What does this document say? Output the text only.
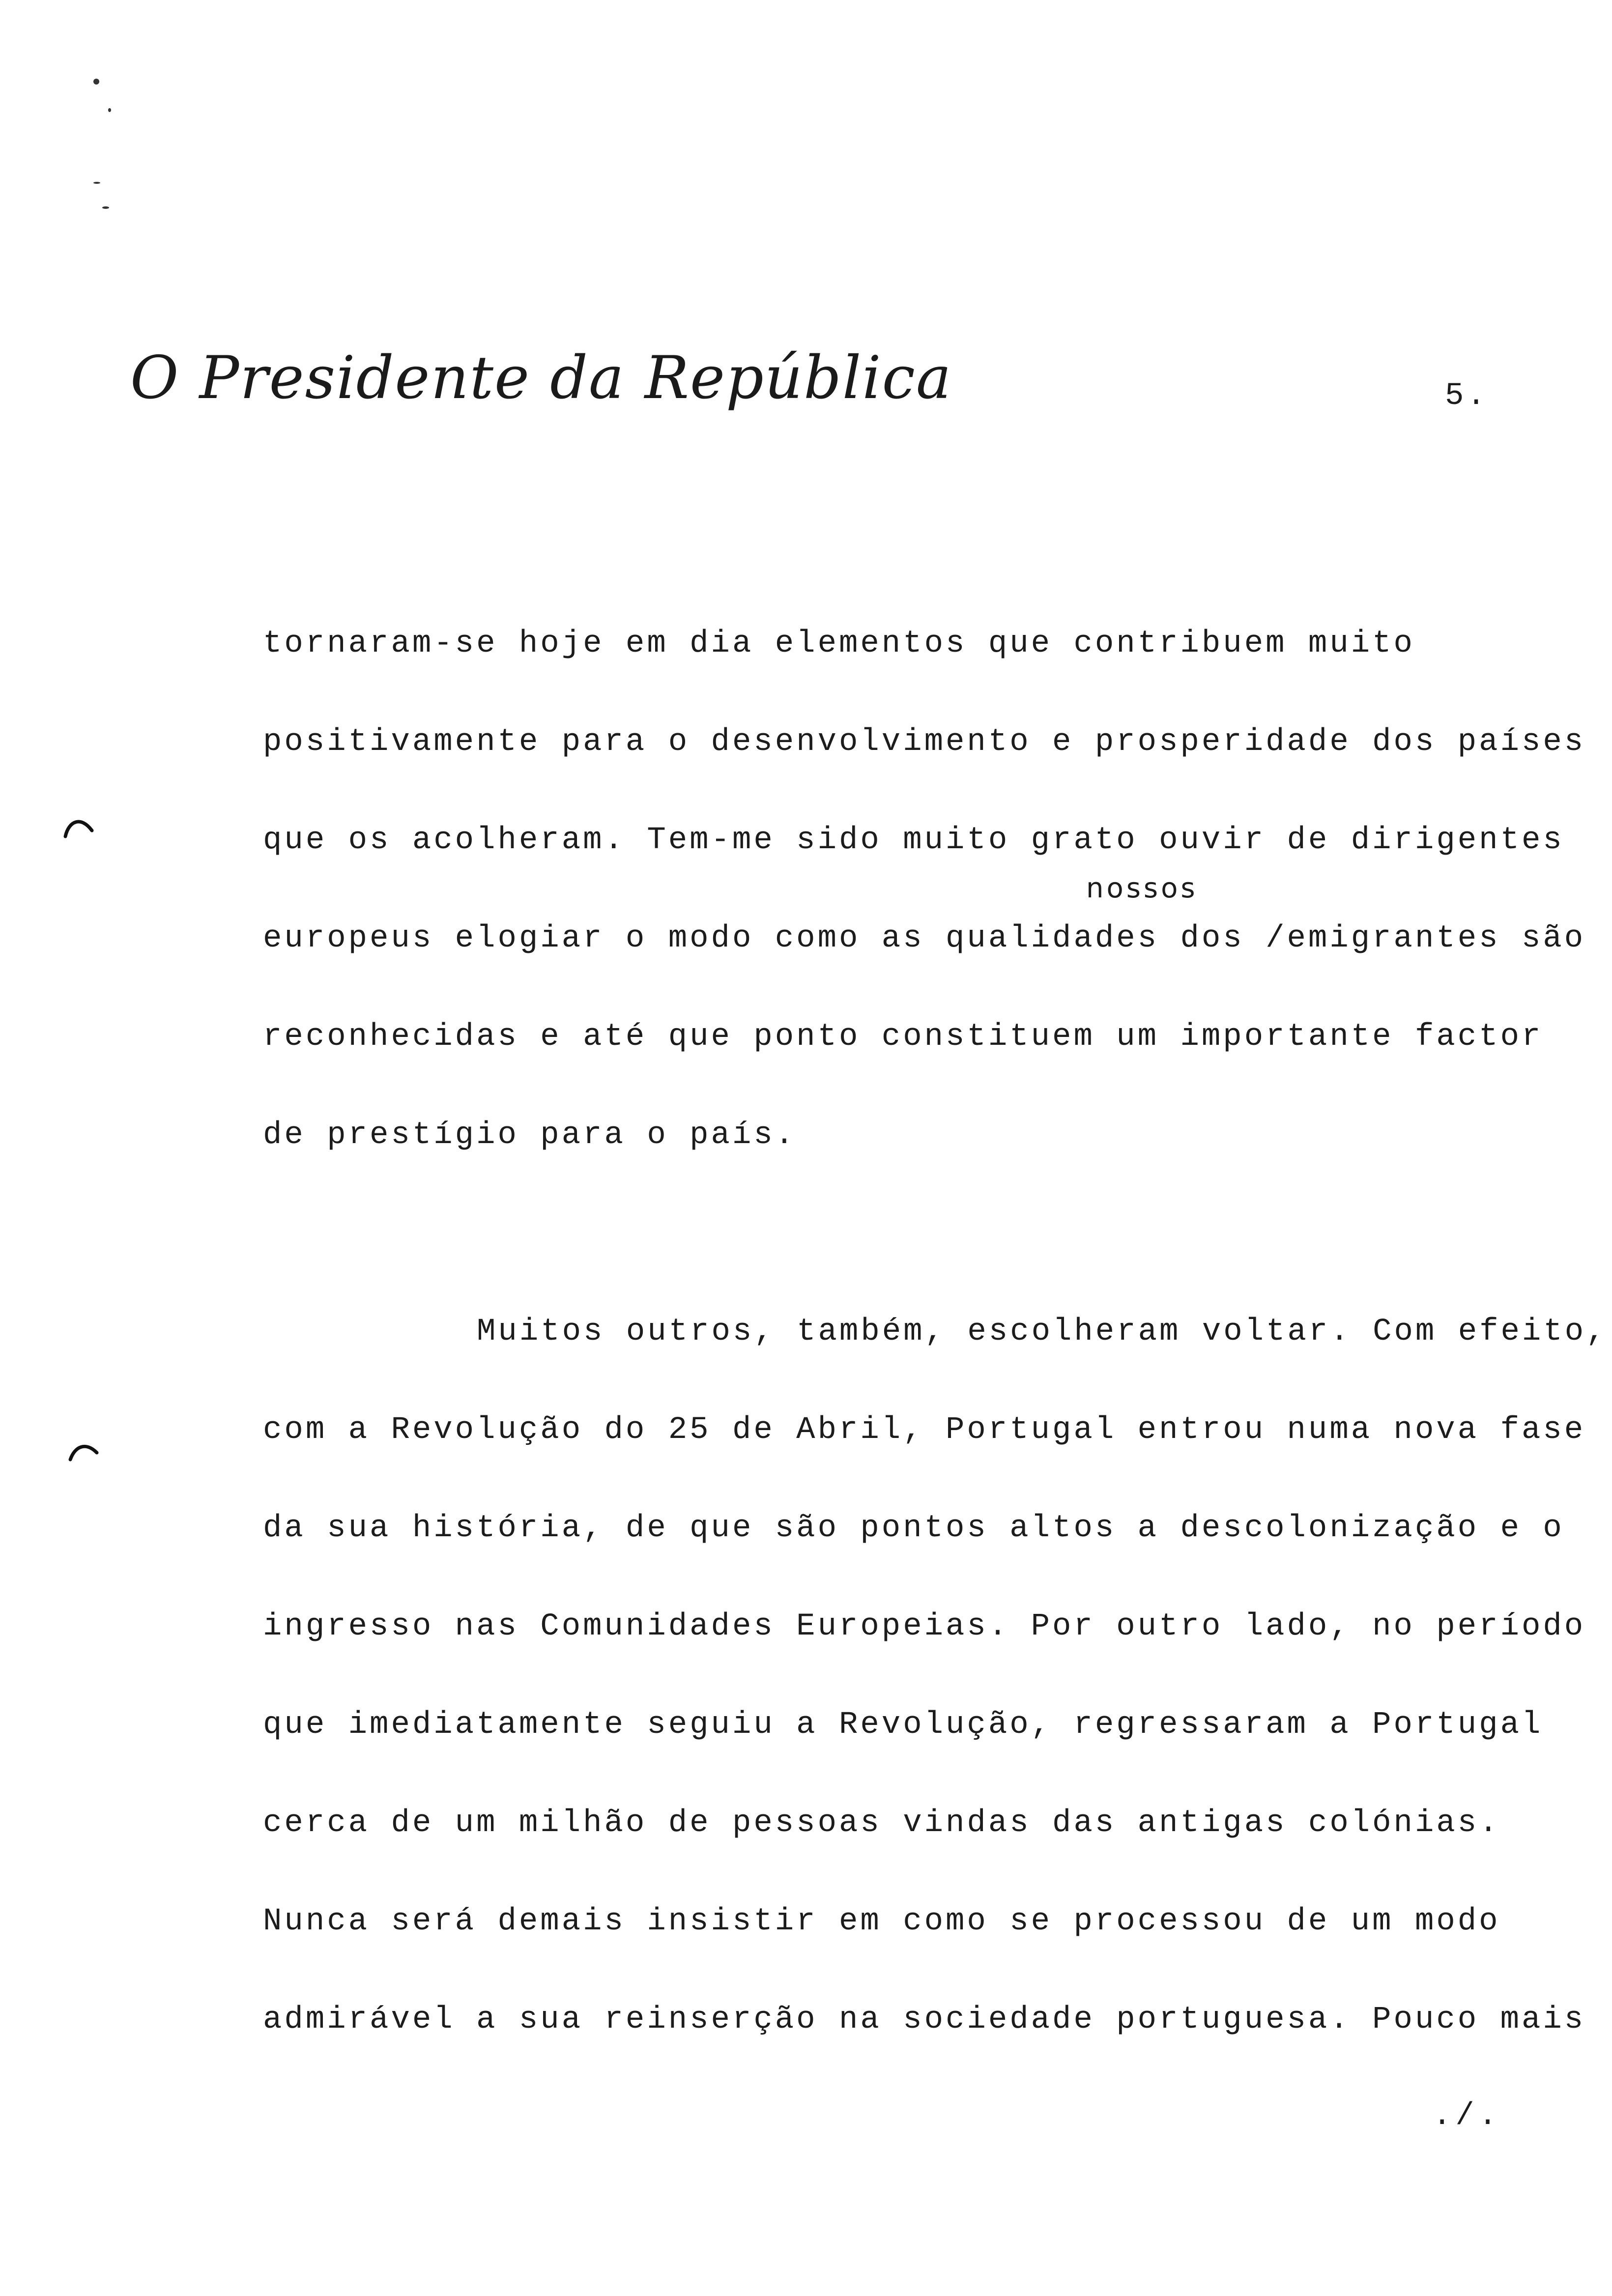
O Presidente da República	5.
tornaram-se hoje em dia elementos que contribuem muito
positivamente para o desenvolvimento e prosperidade dos países
que os acolheram. Tem-me sido muito grato ouvir de dirigentes
nossos
europeus elogiar o modo como as qualidades dos /emigrantes são
reconhecidas e até que ponto constituem um importante factor
de prestígio para o país.
Muitos outros, também, escolheram voltar. Com efeito,
com a Revolução do 25 de Abril, Portugal entrou numa nova fase
da sua história, de que são pontos altos a descolonização e o
ingresso nas Comunidades Europeias. Por outro lado, no período
que imediatamente seguiu a Revolução, regressaram a Portugal
cerca de um milhão de pessoas vindas das antigas colónias.
Nunca será demais insistir em como se processou de um modo
admirável a sua reinserção na sociedade portuguesa. Pouco mais
./.
